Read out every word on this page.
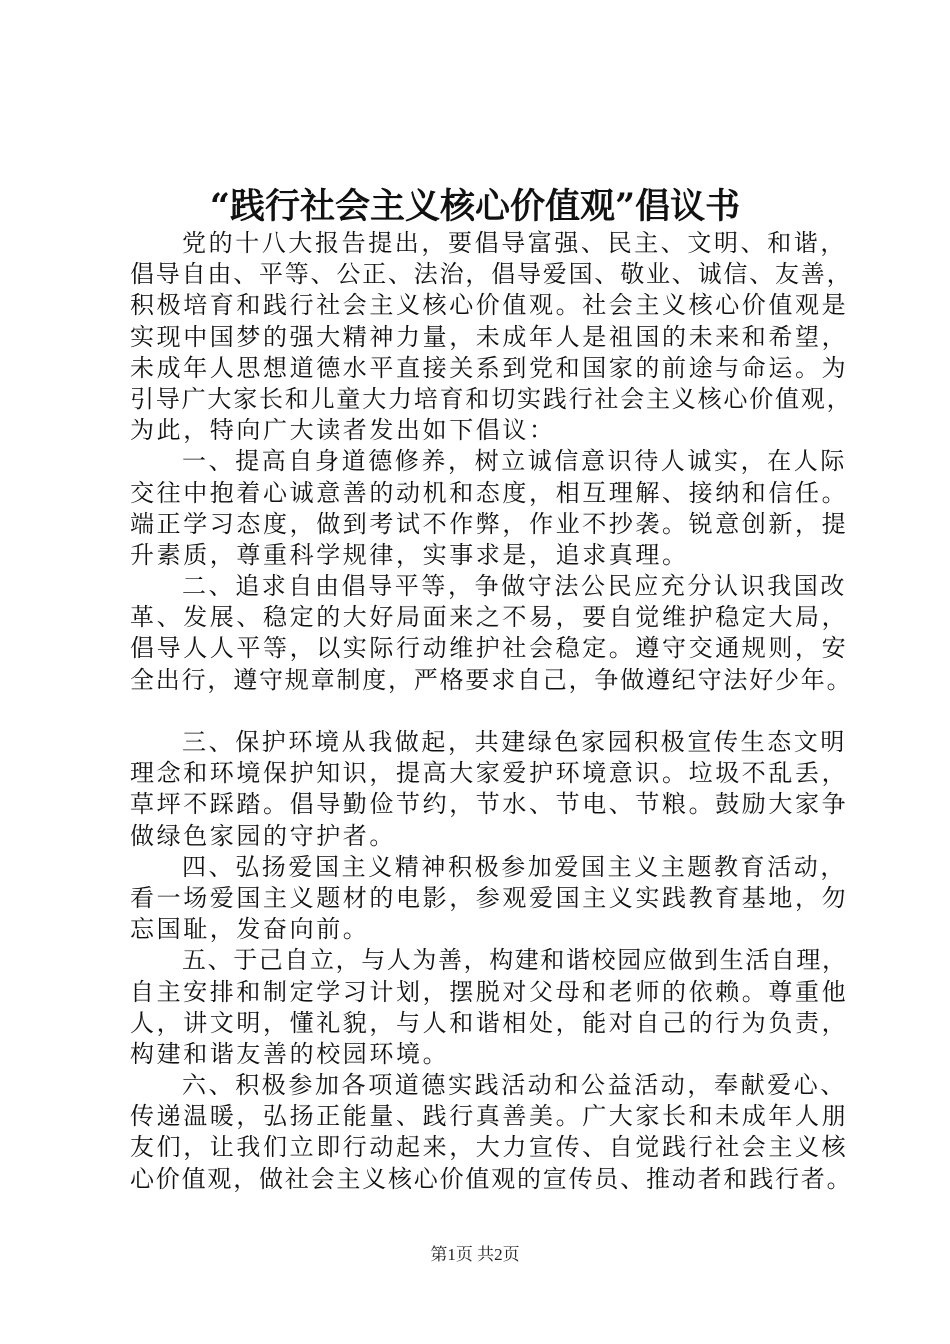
“践行社会主义核心价值观”倡议书
党的十八大报告提出，要倡导富强、民主、文明、和谐，
倡导自由、平等、公正、法治，倡导爱国、敬业、诚信、友善，
积极培育和践行社会主义核心价值观。社会主义核心价值观是
实现中国梦的强大精神力量，未成年人是祖国的未来和希望，
未成年人思想道德水平直接关系到党和国家的前途与命运。为
引导广大家长和儿童大力培育和切实践行社会主义核心价值观，
为此，特向广大读者发出如下倡议：
一、提高自身道德修养，树立诚信意识待人诚实，在人际
交往中抱着心诚意善的动机和态度，相互理解、接纳和信任。
端正学习态度，做到考试不作弊，作业不抄袭。锐意创新，提
升素质，尊重科学规律，实事求是，追求真理。
二、追求自由倡导平等，争做守法公民应充分认识我国改
革、发展、稳定的大好局面来之不易，要自觉维护稳定大局，
倡导人人平等，以实际行动维护社会稳定。遵守交通规则，安
全出行，遵守规章制度，严格要求自己，争做遵纪守法好少年。
三、保护环境从我做起，共建绿色家园积极宣传生态文明
理念和环境保护知识，提高大家爱护环境意识。垃圾不乱丢，
草坪不踩踏。倡导勤俭节约，节水、节电、节粮。鼓励大家争
做绿色家园的守护者。
四、弘扬爱国主义精神积极参加爱国主义主题教育活动，
看一场爱国主义题材的电影，参观爱国主义实践教育基地，勿
忘国耻，发奋向前。
五、于己自立，与人为善，构建和谐校园应做到生活自理，
自主安排和制定学习计划，摆脱对父母和老师的依赖。尊重他
人，讲文明，懂礼貌，与人和谐相处，能对自己的行为负责，
构建和谐友善的校园环境。
六、积极参加各项道德实践活动和公益活动，奉献爱心、
传递温暖，弘扬正能量、践行真善美。广大家长和未成年人朋
友们，让我们立即行动起来，大力宣传、自觉践行社会主义核
心价值观，做社会主义核心价值观的宣传员、推动者和践行者。
第1页 共2页
